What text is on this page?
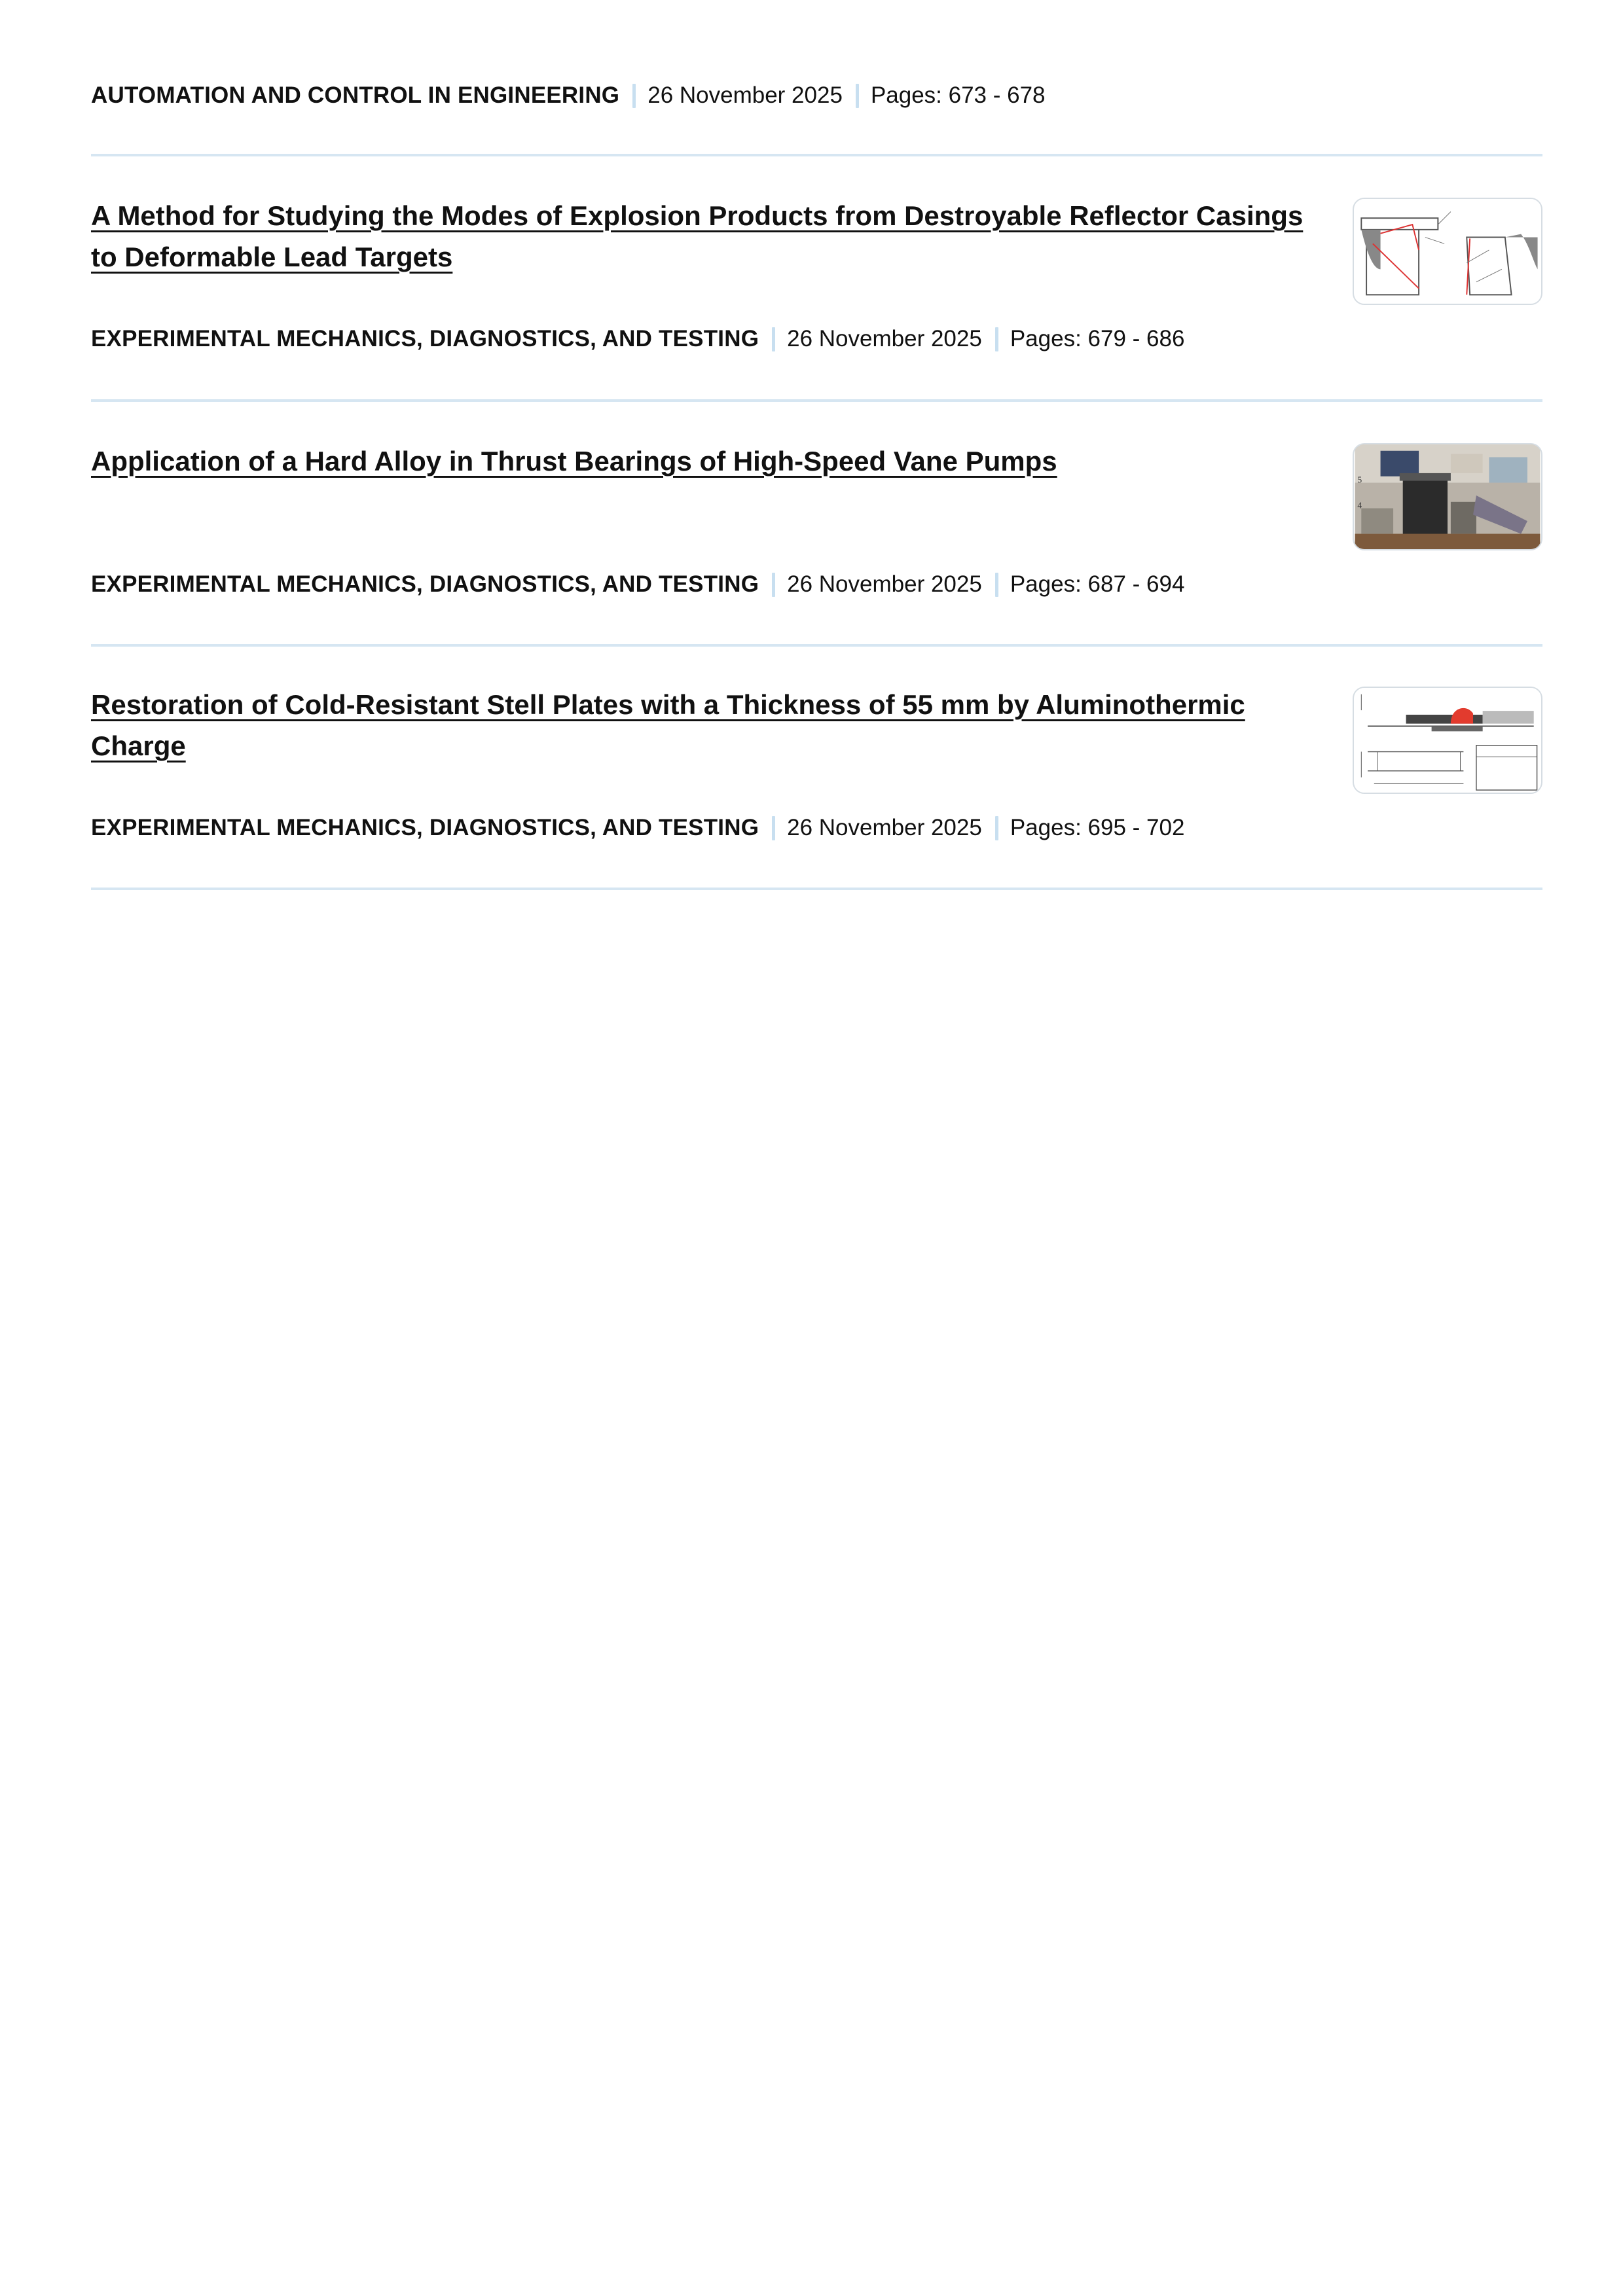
AUTOMATION AND CONTROL IN ENGINEERING 26 November 2025 Pages: 673 - 678
A Method for Studying the Modes of Explosion Products from Destroyable Reflector Casings to Deformable Lead Targets
EXPERIMENTAL MECHANICS, DIAGNOSTICS, AND TESTING 26 November 2025 Pages: 679 - 686
Application of a Hard Alloy in Thrust Bearings of High-Speed Vane Pumps
5
4
EXPERIMENTAL MECHANICS, DIAGNOSTICS, AND TESTING 26 November 2025 Pages: 687 - 694
Restoration of Cold-Resistant Stell Plates with a Thickness of 55 mm by Aluminothermic Charge
EXPERIMENTAL MECHANICS, DIAGNOSTICS, AND TESTING 26 November 2025 Pages: 695 - 702
